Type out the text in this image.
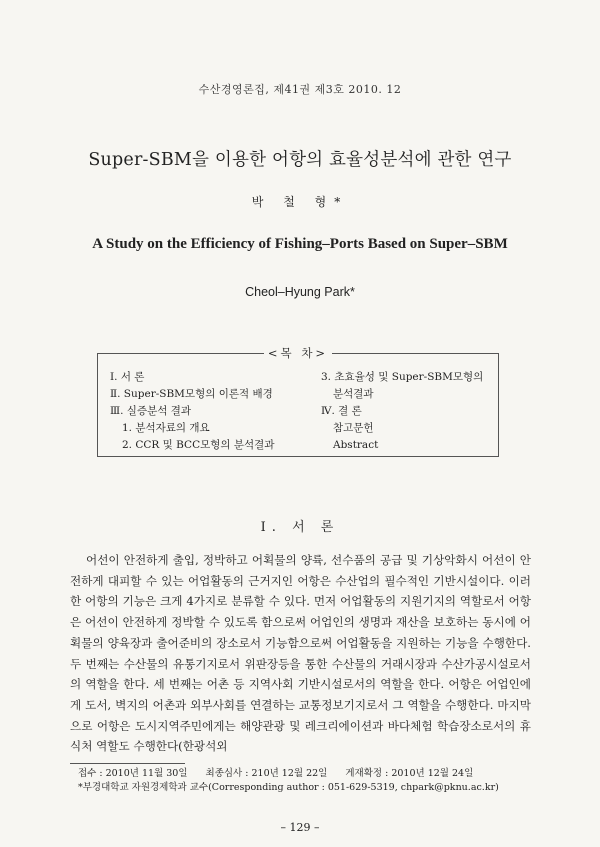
수산경영론집, 제41권 제3호 2010. 12
Super-SBM을 이용한 어항의 효율성분석에 관한 연구
박 철 형*
A Study on the Efficiency of Fishing–Ports Based on Super–SBM
Cheol–Hyung Park*
<목 차>
Ⅰ. 서 론
Ⅱ. Super-SBM모형의 이론적 배경
Ⅲ. 실증분석 결과
1. 분석자료의 개요
2. CCR 및 BCC모형의 분석결과
3. 초효율성 및 Super-SBM모형의
분석결과
Ⅳ. 결 론
참고문헌
Abstract
Ⅰ. 서 론

어선이 안전하게 출입, 정박하고 어획물의 양륙, 선수품의 공급 및 기상악화시 어선이 안전하게 대피할 수 있는 어업활동의 근거지인 어항은 수산업의 필수적인 기반시설이다. 이러한 어항의 기능은 크게 4가지로 분류할 수 있다. 먼저 어업활동의 지원기지의 역할로서 어항은 어선이 안전하게 정박할 수 있도록 함으로써 어업인의 생명과 재산을 보호하는 동시에 어획물의 양육장과 출어준비의 장소로서 기능함으로써 어업활동을 지원하는 기능을 수행한다. 두 번째는 수산물의 유통기지로서 위판장등을 통한 수산물의 거래시장과 수산가공시설로서의 역할을 한다. 세 번째는 어촌 등 지역사회 기반시설로서의 역할을 한다. 어항은 어업인에게 도서, 벽지의 어촌과 외부사회를 연결하는 교통정보기지로서 그 역할을 수행한다. 마지막으로 어항은 도시지역주민에게는 해양관광 및 레크리에이션과 바다체험 학습장소로서의 휴식처 역할도 수행한다(한광석외

접수 : 2010년 11월 30일 최종심사 : 210년 12월 22일 게재확정 : 2010년 12월 24일
*부경대학교 자원경제학과 교수(Corresponding author : 051-629-5319, chpark@pknu.ac.kr)
– 129 –
